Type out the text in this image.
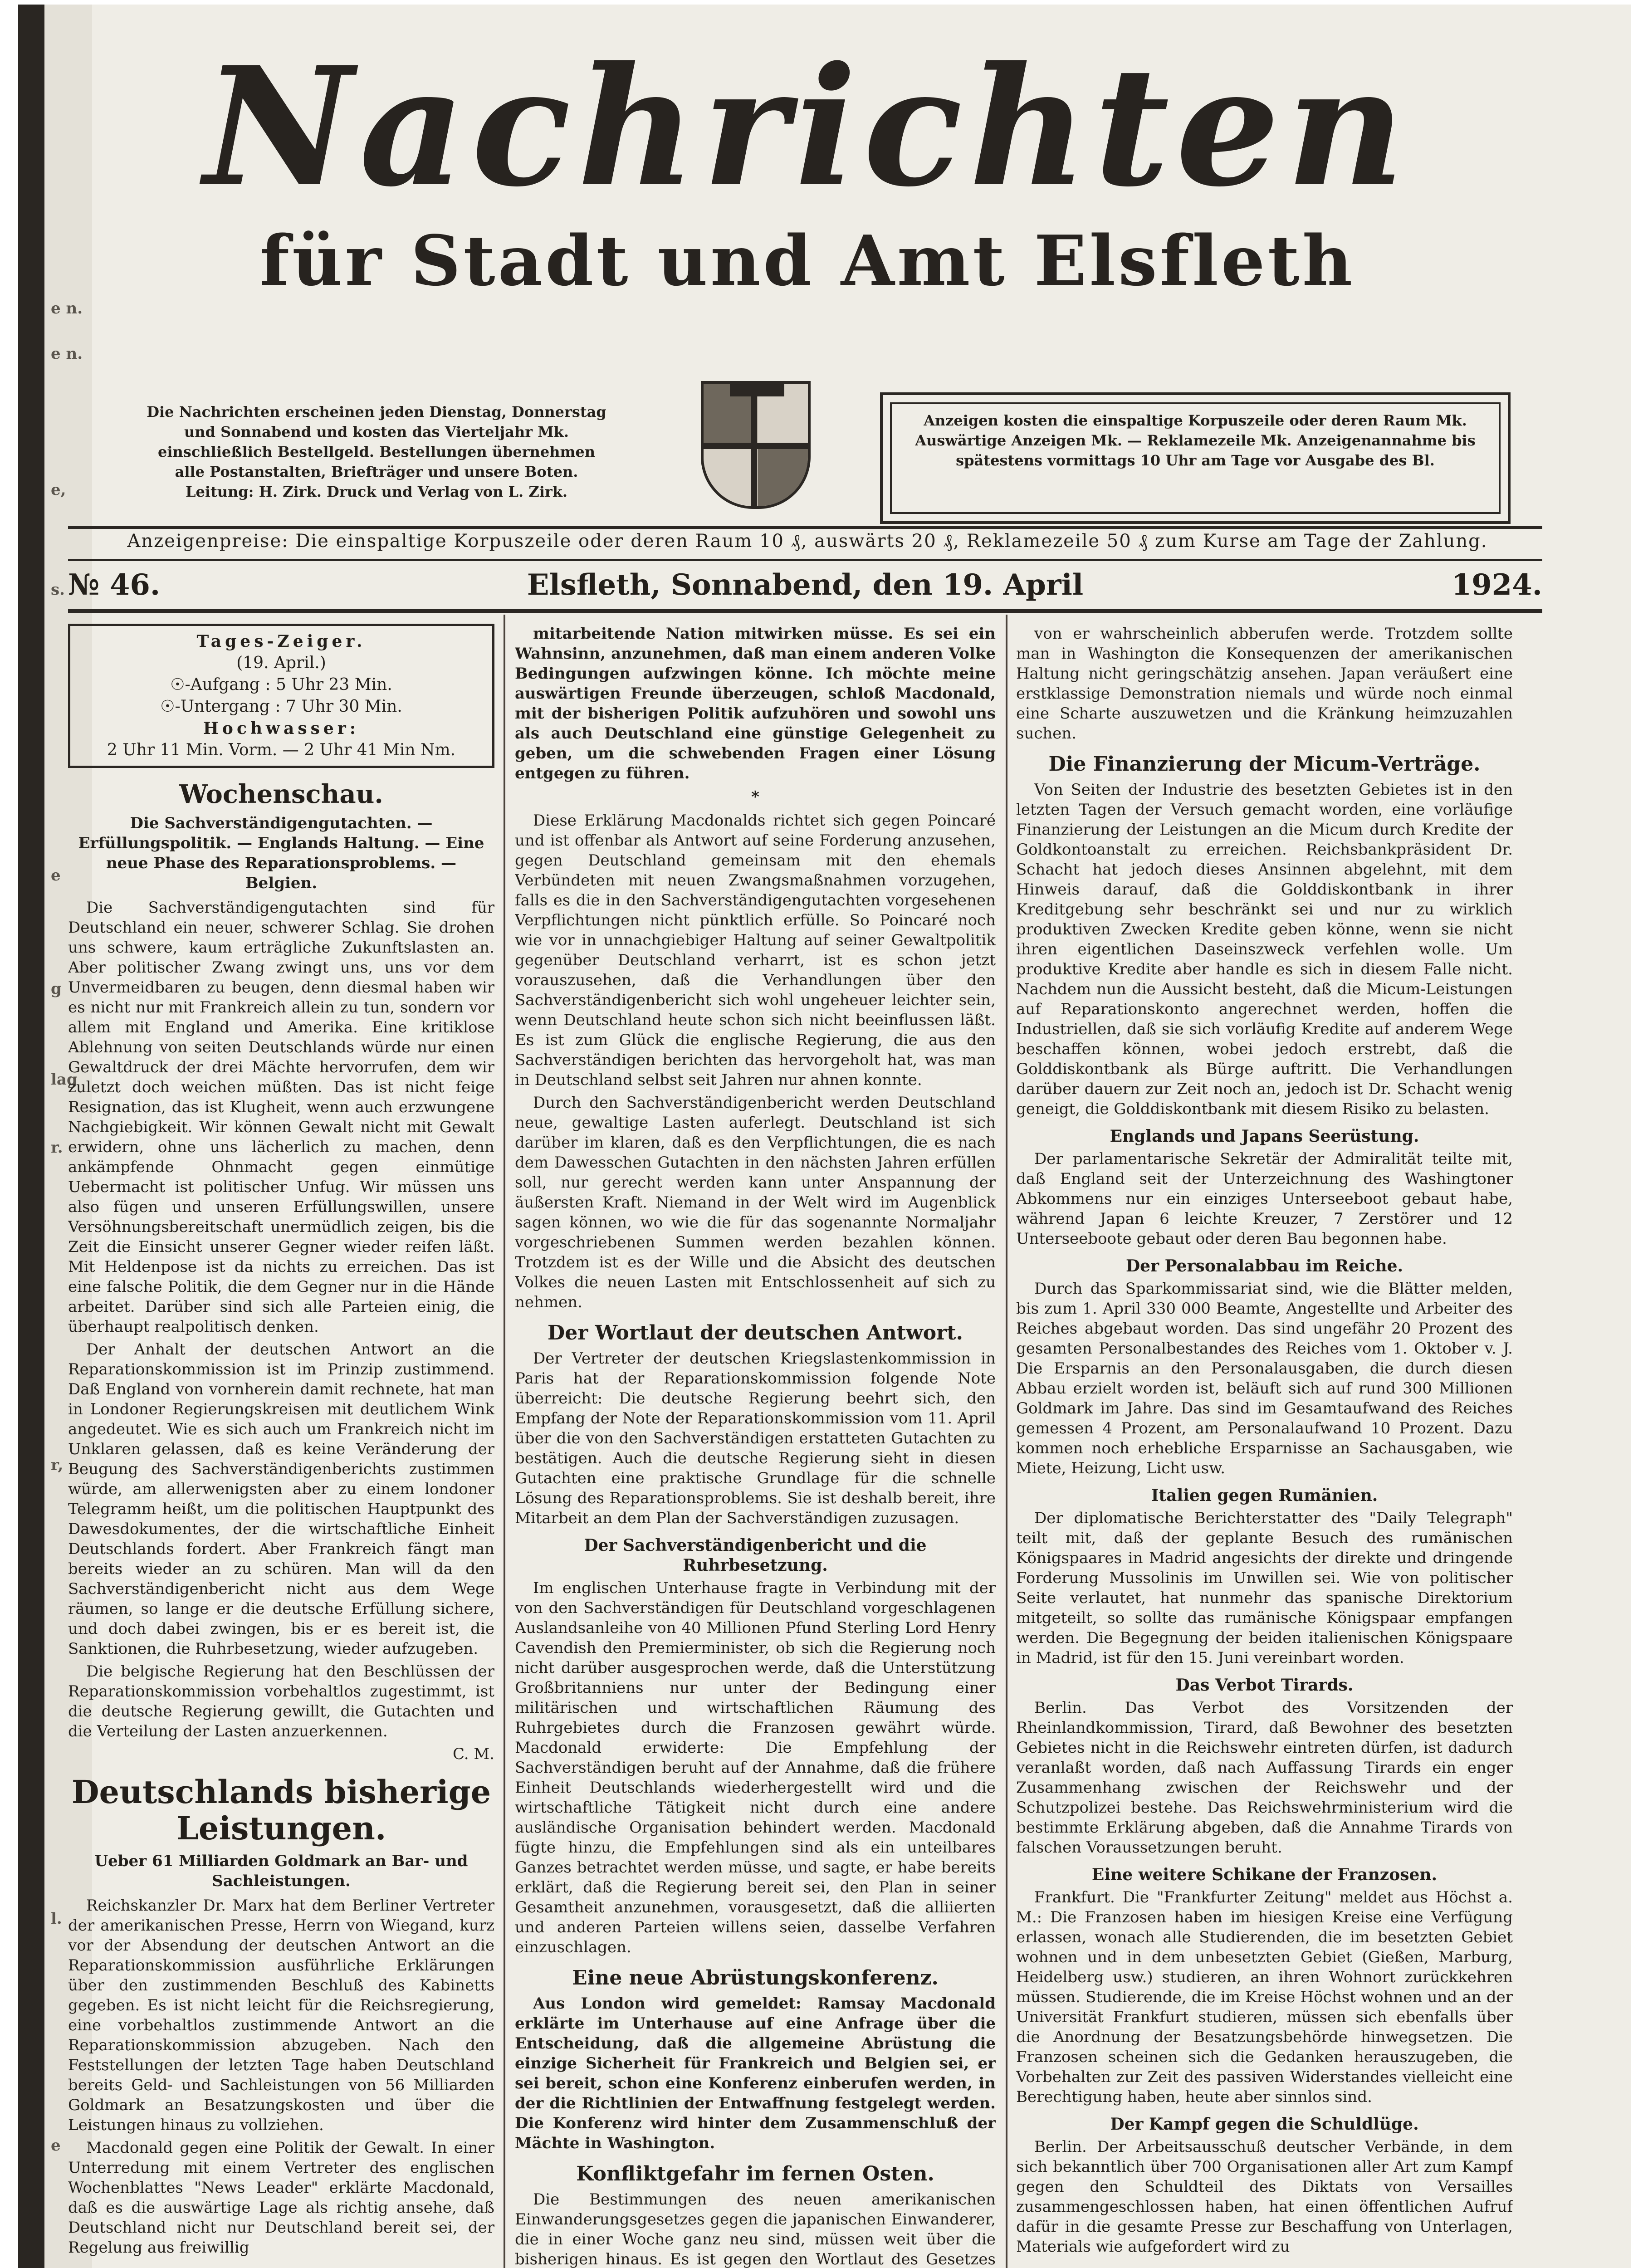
e n.
e n.
e,
s.
e
r.
g
lag
r,
l.
e
Nachrichten
für Stadt und Amt Elsfleth
Die Nachrichten erscheinen jeden Dienstag, Donnerstag und Sonnabend und kosten das Vierteljahr Mk. einschließlich Bestellgeld. Bestellungen übernehmen alle Postanstalten, Briefträger und unsere Boten. Leitung: H. Zirk. Druck und Verlag von L. Zirk.
Anzeigen kosten die einspaltige Korpuszeile oder deren Raum Mk. Auswärtige Anzeigen Mk. — Reklamezeile Mk. Anzeigenannahme bis spätestens vormittags 10 Uhr am Tage vor Ausgabe des Bl.
Anzeigenpreise: Die einspaltige Korpuszeile oder deren Raum 10 ₰, auswärts 20 ₰, Reklamezeile 50 ₰ zum Kurse am Tage der Zahlung.
№ 46.	Elsfleth, Sonnabend, den 19. April	1924.
Tages-Zeiger.
(19. April.)
☉-Aufgang : 5 Uhr 23 Min.
☉-Untergang : 7 Uhr 30 Min.
Hochwasser:
2 Uhr 11 Min. Vorm. — 2 Uhr 41 Min Nm.
Wochenschau.
Die Sachverständigengutachten. — Erfüllungspolitik. — Englands Haltung. — Eine neue Phase des Reparationsproblems. — Belgien.

Die Sachverständigengutachten sind für Deutschland ein neuer, schwerer Schlag. Sie drohen uns schwere, kaum erträgliche Zukunftslasten an. Aber politischer Zwang zwingt uns, uns vor dem Unvermeidbaren zu beugen, denn diesmal haben wir es nicht nur mit Frankreich allein zu tun, sondern vor allem mit England und Amerika. Eine kritiklose Ablehnung von seiten Deutschlands würde nur einen Gewaltdruck der drei Mächte hervorrufen, dem wir zuletzt doch weichen müßten. Das ist nicht feige Resignation, das ist Klugheit, wenn auch erzwungene Nachgiebigkeit. Wir können Gewalt nicht mit Gewalt erwidern, ohne uns lächerlich zu machen, denn ankämpfende Ohnmacht gegen einmütige Uebermacht ist politischer Unfug. Wir müssen uns also fügen und unseren Erfüllungswillen, unsere Versöhnungsbereitschaft unermüdlich zeigen, bis die Zeit die Einsicht unserer Gegner wieder reifen läßt. Mit Heldenpose ist da nichts zu erreichen. Das ist eine falsche Politik, die dem Gegner nur in die Hände arbeitet. Darüber sind sich alle Parteien einig, die überhaupt realpolitisch denken.

Der Anhalt der deutschen Antwort an die Reparationskommission ist im Prinzip zustimmend. Daß England von vornherein damit rechnete, hat man in Londoner Regierungskreisen mit deutlichem Wink angedeutet. Wie es sich auch um Frankreich nicht im Unklaren gelassen, daß es keine Veränderung der Beugung des Sachverständigenberichts zustimmen würde, am allerwenigsten aber zu einem londoner Telegramm heißt, um die politischen Hauptpunkt des Dawesdokumentes, der die wirtschaftliche Einheit Deutschlands fordert. Aber Frankreich fängt man bereits wieder an zu schüren. Man will da den Sachverständigenbericht nicht aus dem Wege räumen, so lange er die deutsche Erfüllung sichere, und doch dabei zwingen, bis er es bereit ist, die Sanktionen, die Ruhrbesetzung, wieder aufzugeben.

Die belgische Regierung hat den Beschlüssen der Reparationskommission vorbehaltlos zugestimmt, ist die deutsche Regierung gewillt, die Gutachten und die Verteilung der Lasten anzuerkennen.

C. M.
Deutschlands bisherige Leistungen.
Ueber 61 Milliarden Goldmark an Bar- und Sachleistungen.

Reichskanzler Dr. Marx hat dem Berliner Vertreter der amerikanischen Presse, Herrn von Wiegand, kurz vor der Absendung der deutschen Antwort an die Reparationskommission ausführliche Erklärungen über den zustimmenden Beschluß des Kabinetts gegeben. Es ist nicht leicht für die Reichsregierung, eine vorbehaltlos zustimmende Antwort an die Reparationskommission abzugeben. Nach den Feststellungen der letzten Tage haben Deutschland bereits Geld- und Sachleistungen von 56 Milliarden Goldmark an Besatzungskosten und über die Leistungen hinaus zu vollziehen.

Macdonald gegen eine Politik der Gewalt. In einer Unterredung mit einem Vertreter des englischen Wochenblattes "News Leader" erklärte Macdonald, daß es die auswärtige Lage als richtig ansehe, daß Deutschland nicht nur Deutschland bereit sei, der Regelung aus freiwillig

mitarbeitende Nation mitwirken müsse. Es sei ein Wahnsinn, anzunehmen, daß man einem anderen Volke Bedingungen aufzwingen könne. Ich möchte meine auswärtigen Freunde überzeugen, schloß Macdonald, mit der bisherigen Politik aufzuhören und sowohl uns als auch Deutschland eine günstige Gelegenheit zu geben, um die schwebenden Fragen einer Lösung entgegen zu führen.

*

Diese Erklärung Macdonalds richtet sich gegen Poincaré und ist offenbar als Antwort auf seine Forderung anzusehen, gegen Deutschland gemeinsam mit den ehemals Verbündeten mit neuen Zwangsmaßnahmen vorzugehen, falls es die in den Sachverständigengutachten vorgesehenen Verpflichtungen nicht pünktlich erfülle. So Poincaré noch wie vor in unnachgiebiger Haltung auf seiner Gewaltpolitik gegenüber Deutschland verharrt, ist es schon jetzt vorauszusehen, daß die Verhandlungen über den Sachverständigenbericht sich wohl ungeheuer leichter sein, wenn Deutschland heute schon sich nicht beeinflussen läßt. Es ist zum Glück die englische Regierung, die aus den Sachverständigen berichten das hervorgeholt hat, was man in Deutschland selbst seit Jahren nur ahnen konnte.

Durch den Sachverständigenbericht werden Deutschland neue, gewaltige Lasten auferlegt. Deutschland ist sich darüber im klaren, daß es den Verpflichtungen, die es nach dem Dawesschen Gutachten in den nächsten Jahren erfüllen soll, nur gerecht werden kann unter Anspannung der äußersten Kraft. Niemand in der Welt wird im Augenblick sagen können, wo wie die für das sogenannte Normaljahr vorgeschriebenen Summen werden bezahlen können. Trotzdem ist es der Wille und die Absicht des deutschen Volkes die neuen Lasten mit Entschlossenheit auf sich zu nehmen.

Der Wortlaut der deutschen Antwort.

Der Vertreter der deutschen Kriegslastenkommission in Paris hat der Reparationskommission folgende Note überreicht: Die deutsche Regierung beehrt sich, den Empfang der Note der Reparationskommission vom 11. April über die von den Sachverständigen erstatteten Gutachten zu bestätigen. Auch die deutsche Regierung sieht in diesen Gutachten eine praktische Grundlage für die schnelle Lösung des Reparationsproblems. Sie ist deshalb bereit, ihre Mitarbeit an dem Plan der Sachverständigen zuzusagen.

Der Sachverständigenbericht und die Ruhrbesetzung.

Im englischen Unterhause fragte in Verbindung mit der von den Sachverständigen für Deutschland vorgeschlagenen Auslandsanleihe von 40 Millionen Pfund Sterling Lord Henry Cavendish den Premierminister, ob sich die Regierung noch nicht darüber ausgesprochen werde, daß die Unterstützung Großbritanniens nur unter der Bedingung einer militärischen und wirtschaftlichen Räumung des Ruhrgebietes durch die Franzosen gewährt würde. Macdonald erwiderte: Die Empfehlung der Sachverständigen beruht auf der Annahme, daß die frühere Einheit Deutschlands wiederhergestellt wird und die wirtschaftliche Tätigkeit nicht durch eine andere ausländische Organisation behindert werden. Macdonald fügte hinzu, die Empfehlungen sind als ein unteilbares Ganzes betrachtet werden müsse, und sagte, er habe bereits erklärt, daß die Regierung bereit sei, den Plan in seiner Gesamtheit anzunehmen, vorausgesetzt, daß die alliierten und anderen Parteien willens seien, dasselbe Verfahren einzuschlagen.

Eine neue Abrüstungskonferenz.

Aus London wird gemeldet: Ramsay Macdonald erklärte im Unterhause auf eine Anfrage über die Entscheidung, daß die allgemeine Abrüstung die einzige Sicherheit für Frankreich und Belgien sei, er sei bereit, schon eine Konferenz einberufen werden, in der die Richtlinien der Entwaffnung festgelegt werden. Die Konferenz wird hinter dem Zusammenschluß der Mächte in Washington.

Konfliktgefahr im fernen Osten.

Die Bestimmungen des neuen amerikanischen Einwanderungsgesetzes gegen die japanischen Einwanderer, die in einer Woche ganz neu sind, müssen weit über die bisherigen hinaus. Es ist gegen den Wortlaut des Gesetzes

von er wahrscheinlich abberufen werde. Trotzdem sollte man in Washington die Konsequenzen der amerikanischen Haltung nicht geringschätzig ansehen. Japan veräußert eine erstklassige Demonstration niemals und würde noch einmal eine Scharte auszuwetzen und die Kränkung heimzuzahlen suchen.

Die Finanzierung der Micum-Verträge.

Von Seiten der Industrie des besetzten Gebietes ist in den letzten Tagen der Versuch gemacht worden, eine vorläufige Finanzierung der Leistungen an die Micum durch Kredite der Goldkontoanstalt zu erreichen. Reichsbankpräsident Dr. Schacht hat jedoch dieses Ansinnen abgelehnt, mit dem Hinweis darauf, daß die Golddiskontbank in ihrer Kreditgebung sehr beschränkt sei und nur zu wirklich produktiven Zwecken Kredite geben könne, wenn sie nicht ihren eigentlichen Daseinszweck verfehlen wolle. Um produktive Kredite aber handle es sich in diesem Falle nicht. Nachdem nun die Aussicht besteht, daß die Micum-Leistungen auf Reparationskonto angerechnet werden, hoffen die Industriellen, daß sie sich vorläufig Kredite auf anderem Wege beschaffen können, wobei jedoch erstrebt, daß die Golddiskontbank als Bürge auftritt. Die Verhandlungen darüber dauern zur Zeit noch an, jedoch ist Dr. Schacht wenig geneigt, die Golddiskontbank mit diesem Risiko zu belasten.

Englands und Japans Seerüstung.

Der parlamentarische Sekretär der Admiralität teilte mit, daß England seit der Unterzeichnung des Washingtoner Abkommens nur ein einziges Unterseeboot gebaut habe, während Japan 6 leichte Kreuzer, 7 Zerstörer und 12 Unterseeboote gebaut oder deren Bau begonnen habe.

Der Personalabbau im Reiche.

Durch das Sparkommissariat sind, wie die Blätter melden, bis zum 1. April 330 000 Beamte, Angestellte und Arbeiter des Reiches abgebaut worden. Das sind ungefähr 20 Prozent des gesamten Personalbestandes des Reiches vom 1. Oktober v. J. Die Ersparnis an den Personalausgaben, die durch diesen Abbau erzielt worden ist, beläuft sich auf rund 300 Millionen Goldmark im Jahre. Das sind im Gesamtaufwand des Reiches gemessen 4 Prozent, am Personalaufwand 10 Prozent. Dazu kommen noch erhebliche Ersparnisse an Sachausgaben, wie Miete, Heizung, Licht usw.

Italien gegen Rumänien.

Der diplomatische Berichterstatter des "Daily Telegraph" teilt mit, daß der geplante Besuch des rumänischen Königspaares in Madrid angesichts der direkte und dringende Forderung Mussolinis im Unwillen sei. Wie von politischer Seite verlautet, hat nunmehr das spanische Direktorium mitgeteilt, so sollte das rumänische Königspaar empfangen werden. Die Begegnung der beiden italienischen Königspaare in Madrid, ist für den 15. Juni vereinbart worden.

Das Verbot Tirards.

Berlin. Das Verbot des Vorsitzenden der Rheinlandkommission, Tirard, daß Bewohner des besetzten Gebietes nicht in die Reichswehr eintreten dürfen, ist dadurch veranlaßt worden, daß nach Auffassung Tirards ein enger Zusammenhang zwischen der Reichswehr und der Schutzpolizei bestehe. Das Reichswehrministerium wird die bestimmte Erklärung abgeben, daß die Annahme Tirards von falschen Voraussetzungen beruht.

Eine weitere Schikane der Franzosen.

Frankfurt. Die "Frankfurter Zeitung" meldet aus Höchst a. M.: Die Franzosen haben im hiesigen Kreise eine Verfügung erlassen, wonach alle Studierenden, die im besetzten Gebiet wohnen und in dem unbesetzten Gebiet (Gießen, Marburg, Heidelberg usw.) studieren, an ihren Wohnort zurückkehren müssen. Studierende, die im Kreise Höchst wohnen und an der Universität Frankfurt studieren, müssen sich ebenfalls über die Anordnung der Besatzungsbehörde hinwegsetzen. Die Franzosen scheinen sich die Gedanken herauszugeben, die Vorbehalten zur Zeit des passiven Widerstandes vielleicht eine Berechtigung haben, heute aber sinnlos sind.

Der Kampf gegen die Schuldlüge.

Berlin. Der Arbeitsausschuß deutscher Verbände, in dem sich bekanntlich über 700 Organisationen aller Art zum Kampf gegen den Schuldteil des Diktats von Versailles zusammengeschlossen haben, hat einen öffentlichen Aufruf dafür in die gesamte Presse zur Beschaffung von Unterlagen, Materials wie aufgefordert wird zu
